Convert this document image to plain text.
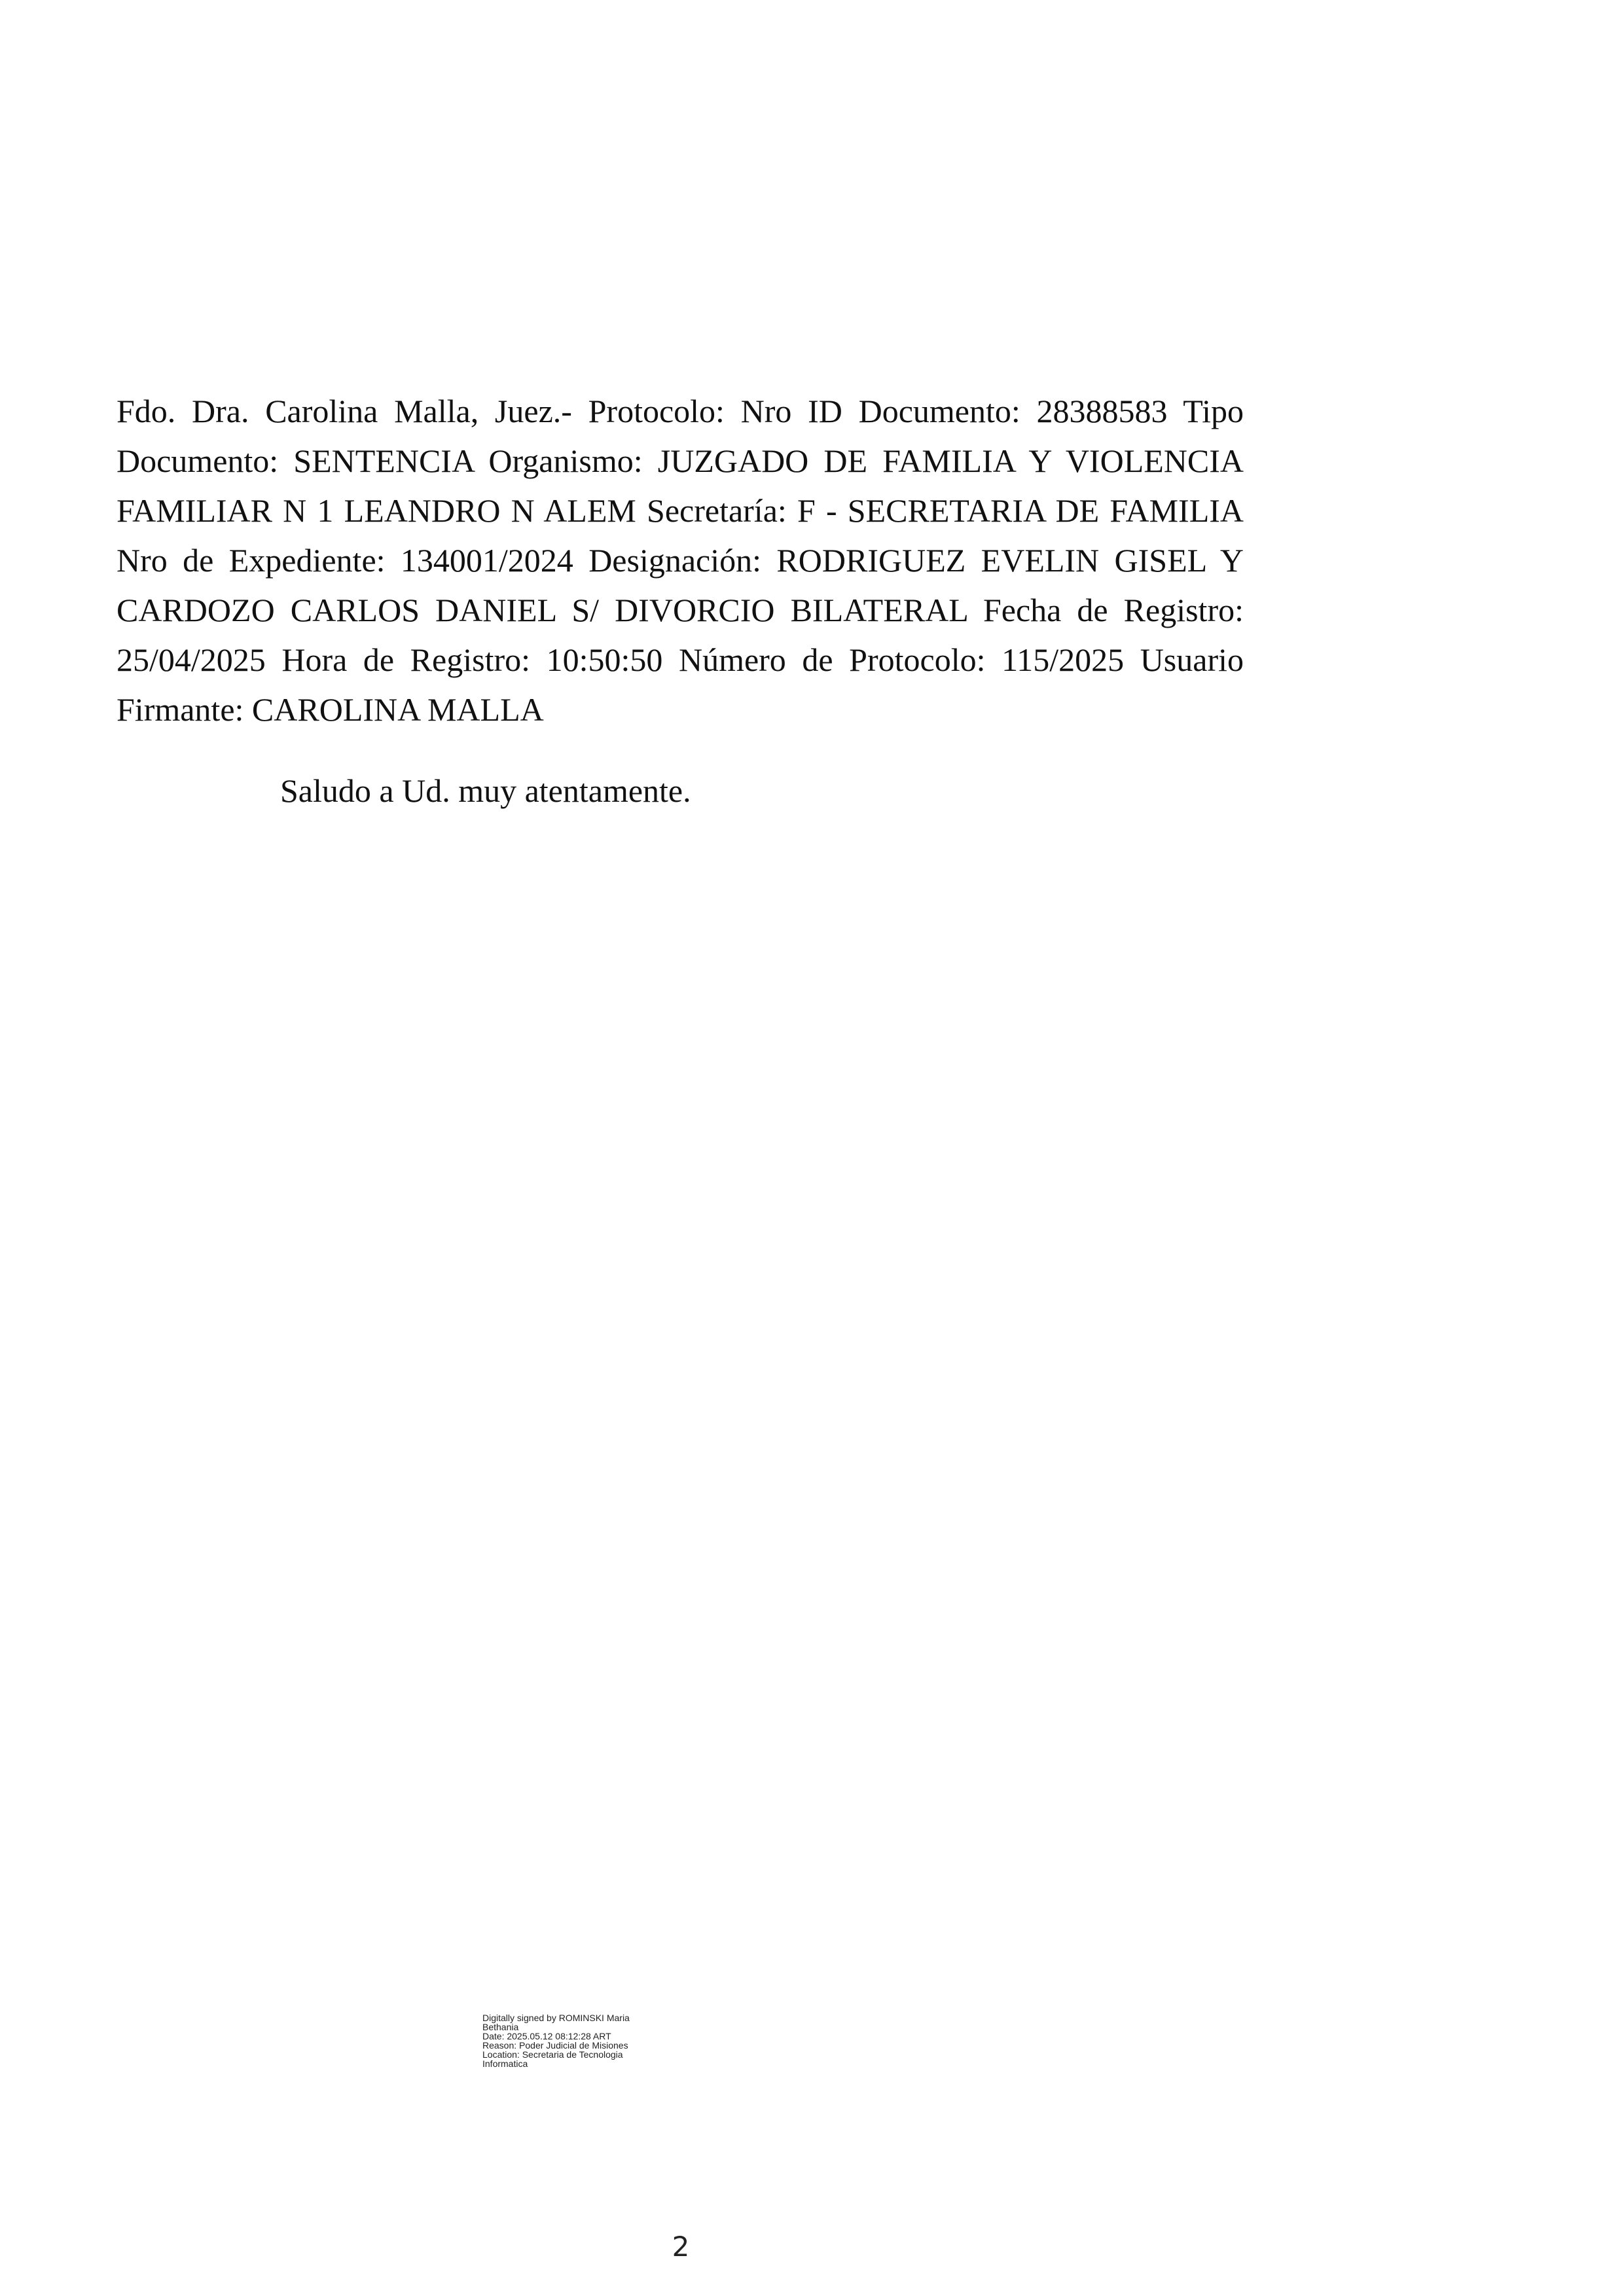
Fdo. Dra. Carolina Malla, Juez.- Protocolo: Nro ID Documento: 28388583 Tipo Documento: SENTENCIA Organismo: JUZGADO DE FAMILIA Y VIOLENCIA FAMILIAR N 1 LEANDRO N ALEM Secretaría: F - SECRETARIA DE FAMILIA Nro de Expediente: 134001/2024 Designación: RODRIGUEZ EVELIN GISEL Y CARDOZO CARLOS DANIEL S/ DIVORCIO BILATERAL Fecha de Registro: 25/04/2025 Hora de Registro: 10:50:50 Número de Protocolo: 115/2025 Usuario Firmante: CAROLINA MALLA

Saludo a Ud. muy atentamente.

Digitally signed by ROMINSKI Maria
Bethania
Date: 2025.05.12 08:12:28 ART
Reason: Poder Judicial de Misiones
Location: Secretaria de Tecnologia
Informatica
2
